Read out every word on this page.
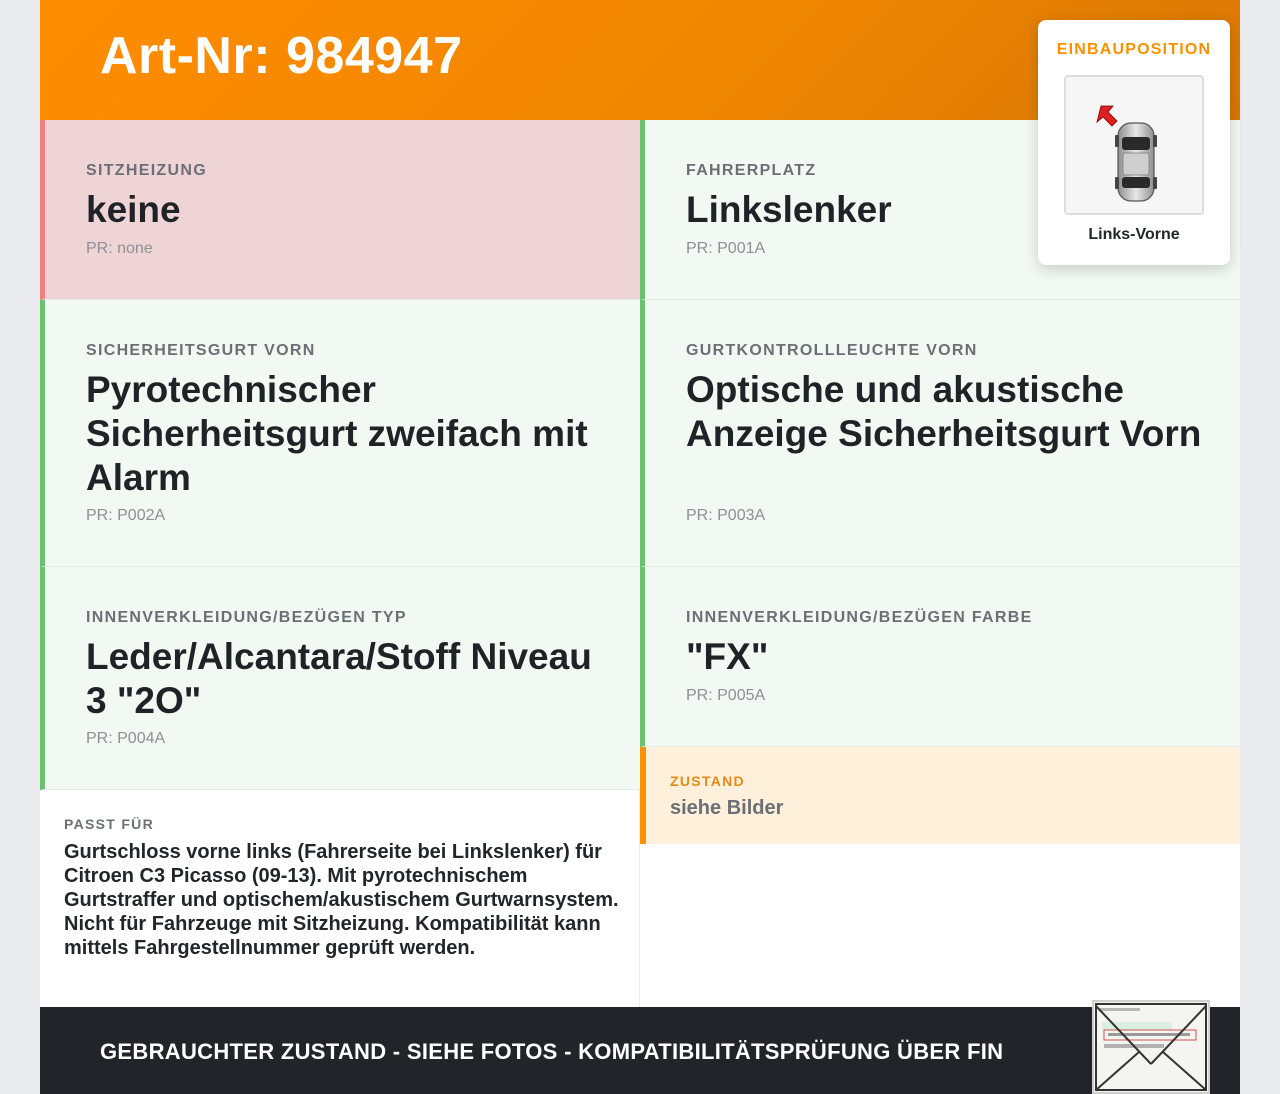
Art-Nr: 984947
SITZHEIZUNG
keine
PR: none
FAHRERPLATZ
Linkslenker
PR: P001A
SICHERHEITSGURT VORN
Pyrotechnischer Sicherheitsgurt zweifach mit Alarm
PR: P002A
GURTKONTROLLLEUCHTE VORN
Optische und akustische Anzeige Sicherheitsgurt Vorn
PR: P003A
INNENVERKLEIDUNG/BEZÜGEN TYP
Leder/Alcantara/Stoff Niveau 3 "2O"
PR: P004A
INNENVERKLEIDUNG/BEZÜGEN FARBE
"FX"
PR: P005A
PASST FÜR
Gurtschloss vorne links (Fahrerseite bei Linkslenker) für Citroen C3 Picasso (09-13). Mit pyrotechnischem Gurtstraffer und optischem/akustischem Gurtwarnsystem. Nicht für Fahrzeuge mit Sitzheizung. Kompatibilität kann mittels Fahrgestellnummer geprüft werden.
ZUSTAND
siehe Bilder
GEBRAUCHTER ZUSTAND - SIEHE FOTOS - KOMPATIBILITÄTSPRÜFUNG ÜBER FIN
EINBAUPOSITION
Links-Vorne
